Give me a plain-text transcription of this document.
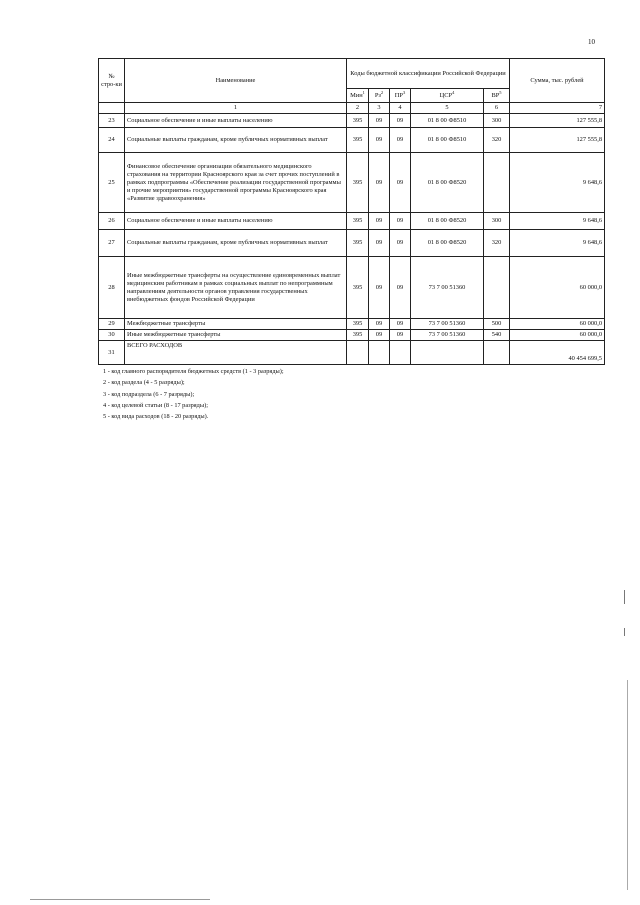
10
№ стро-ки	Наименование	Коды бюджетной классификации Российской Федерации					Сумма, тыс. рублей
		Мин$^1$	$Рз^2$	$ПР^3$	ЦСР$^4$	$ВР^5$
	1	2	3	4	5	6	7
23	Социальное обеспечение и иные выплаты населению	395	09	09	01 8 00 Ф8510	300	127 555,8
24	Социальные выплаты гражданам, кроме публичных нормативных выплат	395	09	09	01 8 00 Ф8510	320	127 555,8
25	Финансовое обеспечение организации обязательного медицинского страхования на территории Красноярского края за счет прочих поступлений в рамках подпрограммы «Обеспечение реализации государственной программы и прочие мероприятия» государственной программы Красноярского края «Развитие здравоохранения»	395	09	09	01 8 00 Ф8520		9 648,6
26	Социальное обеспечение и иные выплаты населению	395	09	09	01 8 00 Ф8520	300	9 648,6
27	Социальные выплаты гражданам, кроме публичных нормативных выплат	395	09	09	01 8 00 Ф8520	320	9 648,6
28	Иные межбюджетные трансферты на осуществление единовременных выплат медицинским работникам в рамках социальных выплат по непрограммным направлениям деятельности органов управления государственных внебюджетных фондов Российской Федерации	395	09	09	73 7 00 51360		60 000,0
29	Межбюджетные трансферты	395	09	09	73 7 00 51360	500	60 000,0
30	Иные межбюджетные трансферты	395	09	09	73 7 00 51360	540	60 000,0
31	ВСЕГО РАСХОДОВ						40 454 699,5
1 - код главного распорядителя бюджетных средств (1 - 3 разряды);
2 - код раздела (4 - 5 разряды);
3 - код подраздела (6 - 7 разряды);
4 - код целевой статьи (8 - 17 разряды);
5 - код вида расходов (18 - 20 разряды).
